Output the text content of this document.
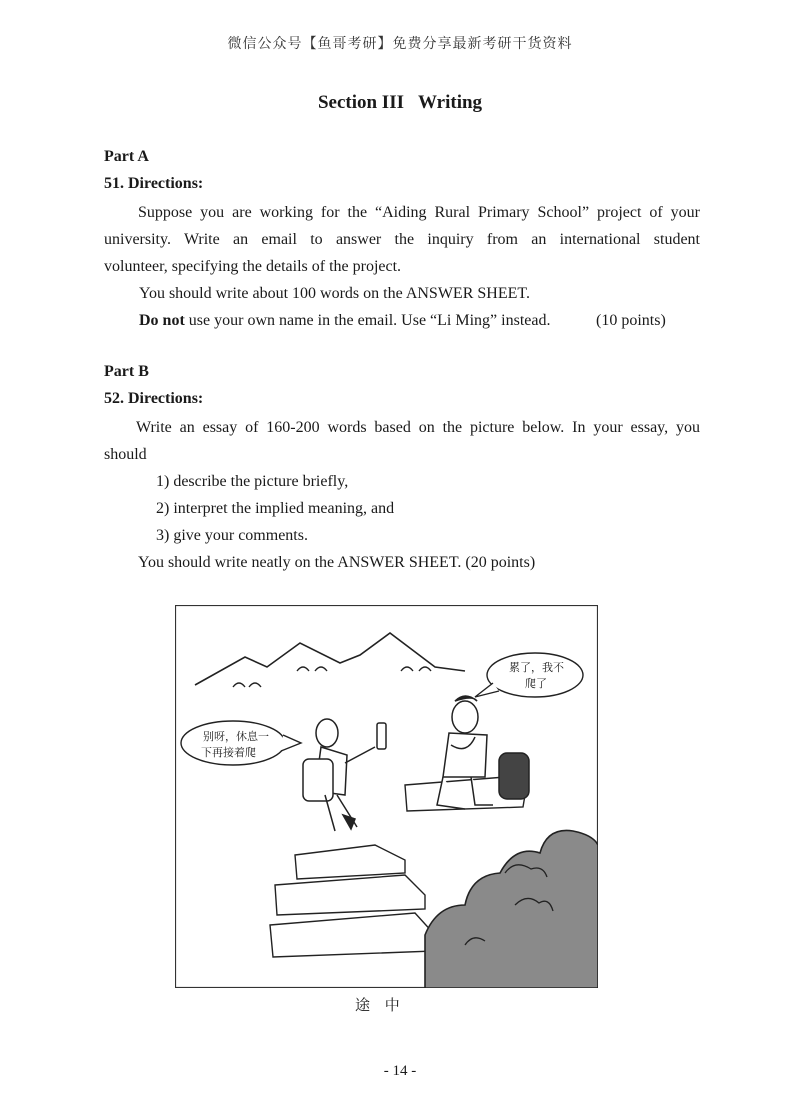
微信公众号【鱼哥考研】免费分享最新考研干货资料
Section III Writing
Part A
51. Directions:
Suppose you are working for the “Aiding Rural Primary School” project of your
university. Write an email to answer the inquiry from an international student
volunteer, specifying the details of the project.
You should write about 100 words on the ANSWER SHEET.
Do not use your own name in the email. Use “Li Ming” instead.	(10 points)
Part B
52. Directions:
Write an essay of 160-200 words based on the picture below. In your essay, you
should
1) describe the picture briefly,
2) interpret the implied meaning, and
3) give your comments.
You should write neatly on the ANSWER SHEET. (20 points)
别呀，休息一
下再接着爬
累了，我不
爬了
途 中
- 14 -
